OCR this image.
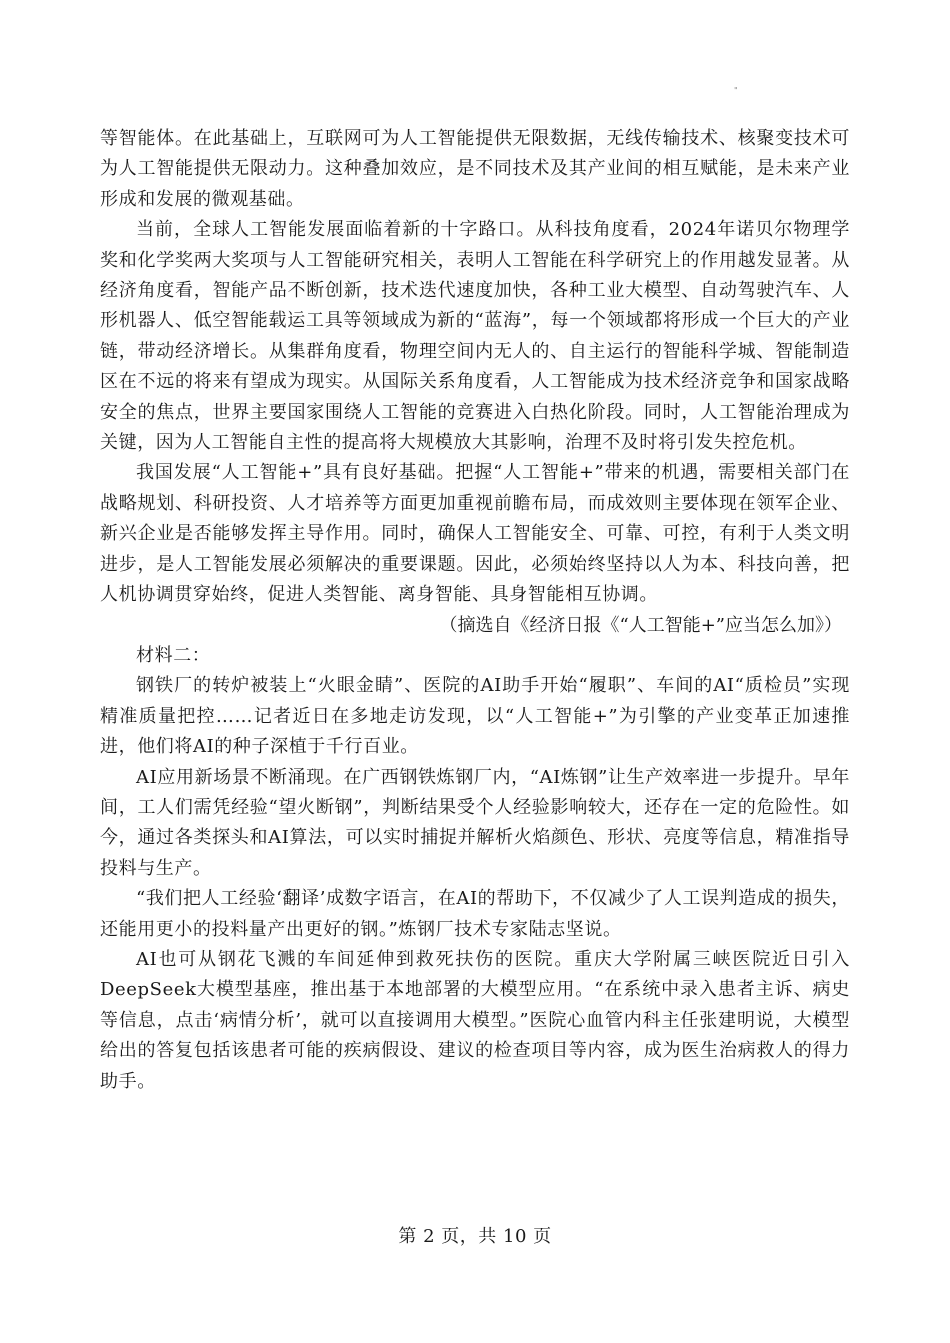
"

等智能体。在此基础上，互联网可为人工智能提供无限数据，无线传输技术、核聚变技术可为人工智能提供无限动力。这种叠加效应，是不同技术及其产业间的相互赋能，是未来产业形成和发展的微观基础。

当前，全球人工智能发展面临着新的十字路口。从科技角度看，2024年诺贝尔物理学奖和化学奖两大奖项与人工智能研究相关，表明人工智能在科学研究上的作用越发显著。从经济角度看，智能产品不断创新，技术迭代速度加快，各种工业大模型、自动驾驶汽车、人形机器人、低空智能载运工具等领域成为新的“蓝海”，每一个领域都将形成一个巨大的产业链，带动经济增长。从集群角度看，物理空间内无人的、自主运行的智能科学城、智能制造区在不远的将来有望成为现实。从国际关系角度看，人工智能成为技术经济竞争和国家战略安全的焦点，世界主要国家围绕人工智能的竞赛进入白热化阶段。同时，人工智能治理成为关键，因为人工智能自主性的提高将大规模放大其影响，治理不及时将引发失控危机。

我国发展“人工智能+”具有良好基础。把握“人工智能+”带来的机遇，需要相关部门在战略规划、科研投资、人才培养等方面更加重视前瞻布局，而成效则主要体现在领军企业、新兴企业是否能够发挥主导作用。同时，确保人工智能安全、可靠、可控，有利于人类文明进步，是人工智能发展必须解决的重要课题。因此，必须始终坚持以人为本、科技向善，把人机协调贯穿始终，促进人类智能、离身智能、具身智能相互协调。

（摘选自《经济日报《“人工智能+”应当怎么加》）

材料二：

钢铁厂的转炉被装上“火眼金睛”、医院的AI助手开始“履职”、车间的AI“质检员”实现精准质量把控……记者近日在多地走访发现，以“人工智能+”为引擎的产业变革正加速推进，他们将AI的种子深植于千行百业。

AI应用新场景不断涌现。在广西钢铁炼钢厂内，“AI炼钢”让生产效率进一步提升。早年间，工人们需凭经验“望火断钢”，判断结果受个人经验影响较大，还存在一定的危险性。如今，通过各类探头和AI算法，可以实时捕捉并解析火焰颜色、形状、亮度等信息，精准指导投料与生产。

“我们把人工经验‘翻译’成数字语言，在AI的帮助下，不仅减少了人工误判造成的损失，还能用更小的投料量产出更好的钢。”炼钢厂技术专家陆志坚说。

AI也可从钢花飞溅的车间延伸到救死扶伤的医院。重庆大学附属三峡医院近日引入DeepSeek大模型基座，推出基于本地部署的大模型应用。“在系统中录入患者主诉、病史等信息，点击‘病情分析’，就可以直接调用大模型。”医院心血管内科主任张建明说，大模型给出的答复包括该患者可能的疾病假设、建议的检查项目等内容，成为医生治病救人的得力助手。

第 2 页，共 10 页
